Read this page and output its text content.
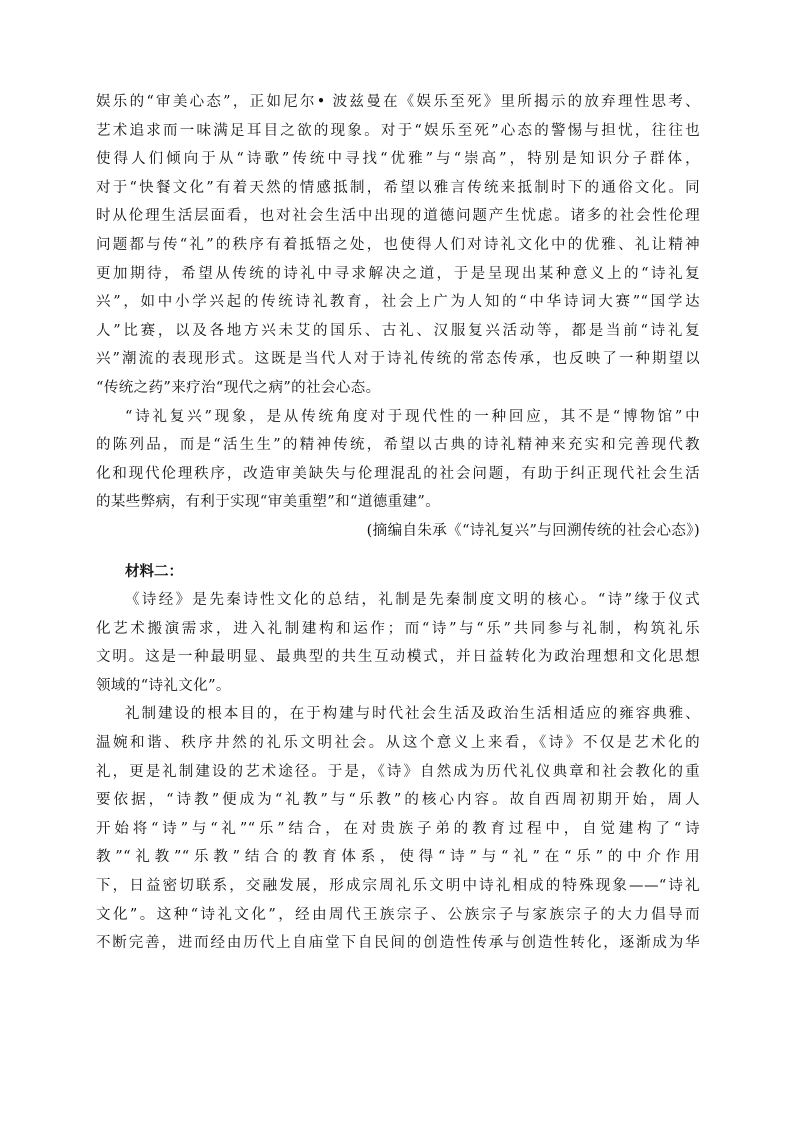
娱乐的“审美心态”，正如尼尔• 波兹曼在《娱乐至死》里所揭示的放弃理性思考、
艺术追求而一味满足耳目之欲的现象。对于“娱乐至死”心态的警惕与担忧，往往也
使得人们倾向于从“诗歌”传统中寻找“优雅”与“崇高”，特别是知识分子群体，
对于“快餐文化”有着天然的情感抵制，希望以雅言传统来抵制时下的通俗文化。同
时从伦理生活层面看，也对社会生活中出现的道德问题产生忧虑。诸多的社会性伦理
问题都与传“礼”的秩序有着抵牾之处，也使得人们对诗礼文化中的优雅、礼让精神
更加期待，希望从传统的诗礼中寻求解决之道，于是呈现出某种意义上的“诗礼复
兴”，如中小学兴起的传统诗礼教育，社会上广为人知的“中华诗词大赛”“国学达
人”比赛，以及各地方兴未艾的国乐、古礼、汉服复兴活动等，都是当前“诗礼复
兴”潮流的表现形式。这既是当代人对于诗礼传统的常态传承，也反映了一种期望以
“传统之药”来疗治“现代之病”的社会心态。
“诗礼复兴”现象，是从传统角度对于现代性的一种回应，其不是“博物馆”中
的陈列品，而是“活生生”的精神传统，希望以古典的诗礼精神来充实和完善现代教
化和现代伦理秩序，改造审美缺失与伦理混乱的社会问题，有助于纠正现代社会生活
的某些弊病，有利于实现“审美重塑”和“道德重建”。
(摘编自朱承《“诗礼复兴”与回溯传统的社会心态》)
材料二：
《诗经》是先秦诗性文化的总结，礼制是先秦制度文明的核心。“诗”缘于仪式
化艺术搬演需求，进入礼制建构和运作；而“诗”与“乐”共同参与礼制，构筑礼乐
文明。这是一种最明显、最典型的共生互动模式，并日益转化为政治理想和文化思想
领域的“诗礼文化”。
礼制建设的根本目的，在于构建与时代社会生活及政治生活相适应的雍容典雅、
温婉和谐、秩序井然的礼乐文明社会。从这个意义上来看，《诗》不仅是艺术化的
礼，更是礼制建设的艺术途径。于是，《诗》自然成为历代礼仪典章和社会教化的重
要依据，“诗教”便成为“礼教”与“乐教”的核心内容。故自西周初期开始，周人
开始将“诗”与“礼”“乐”结合，在对贵族子弟的教育过程中，自觉建构了“诗
教”“礼教”“乐教”结合的教育体系，使得“诗”与“礼”在“乐”的中介作用
下，日益密切联系，交融发展，形成宗周礼乐文明中诗礼相成的特殊现象——“诗礼
文化”。这种“诗礼文化”，经由周代王族宗子、公族宗子与家族宗子的大力倡导而
不断完善，进而经由历代上自庙堂下自民间的创造性传承与创造性转化，逐渐成为华
